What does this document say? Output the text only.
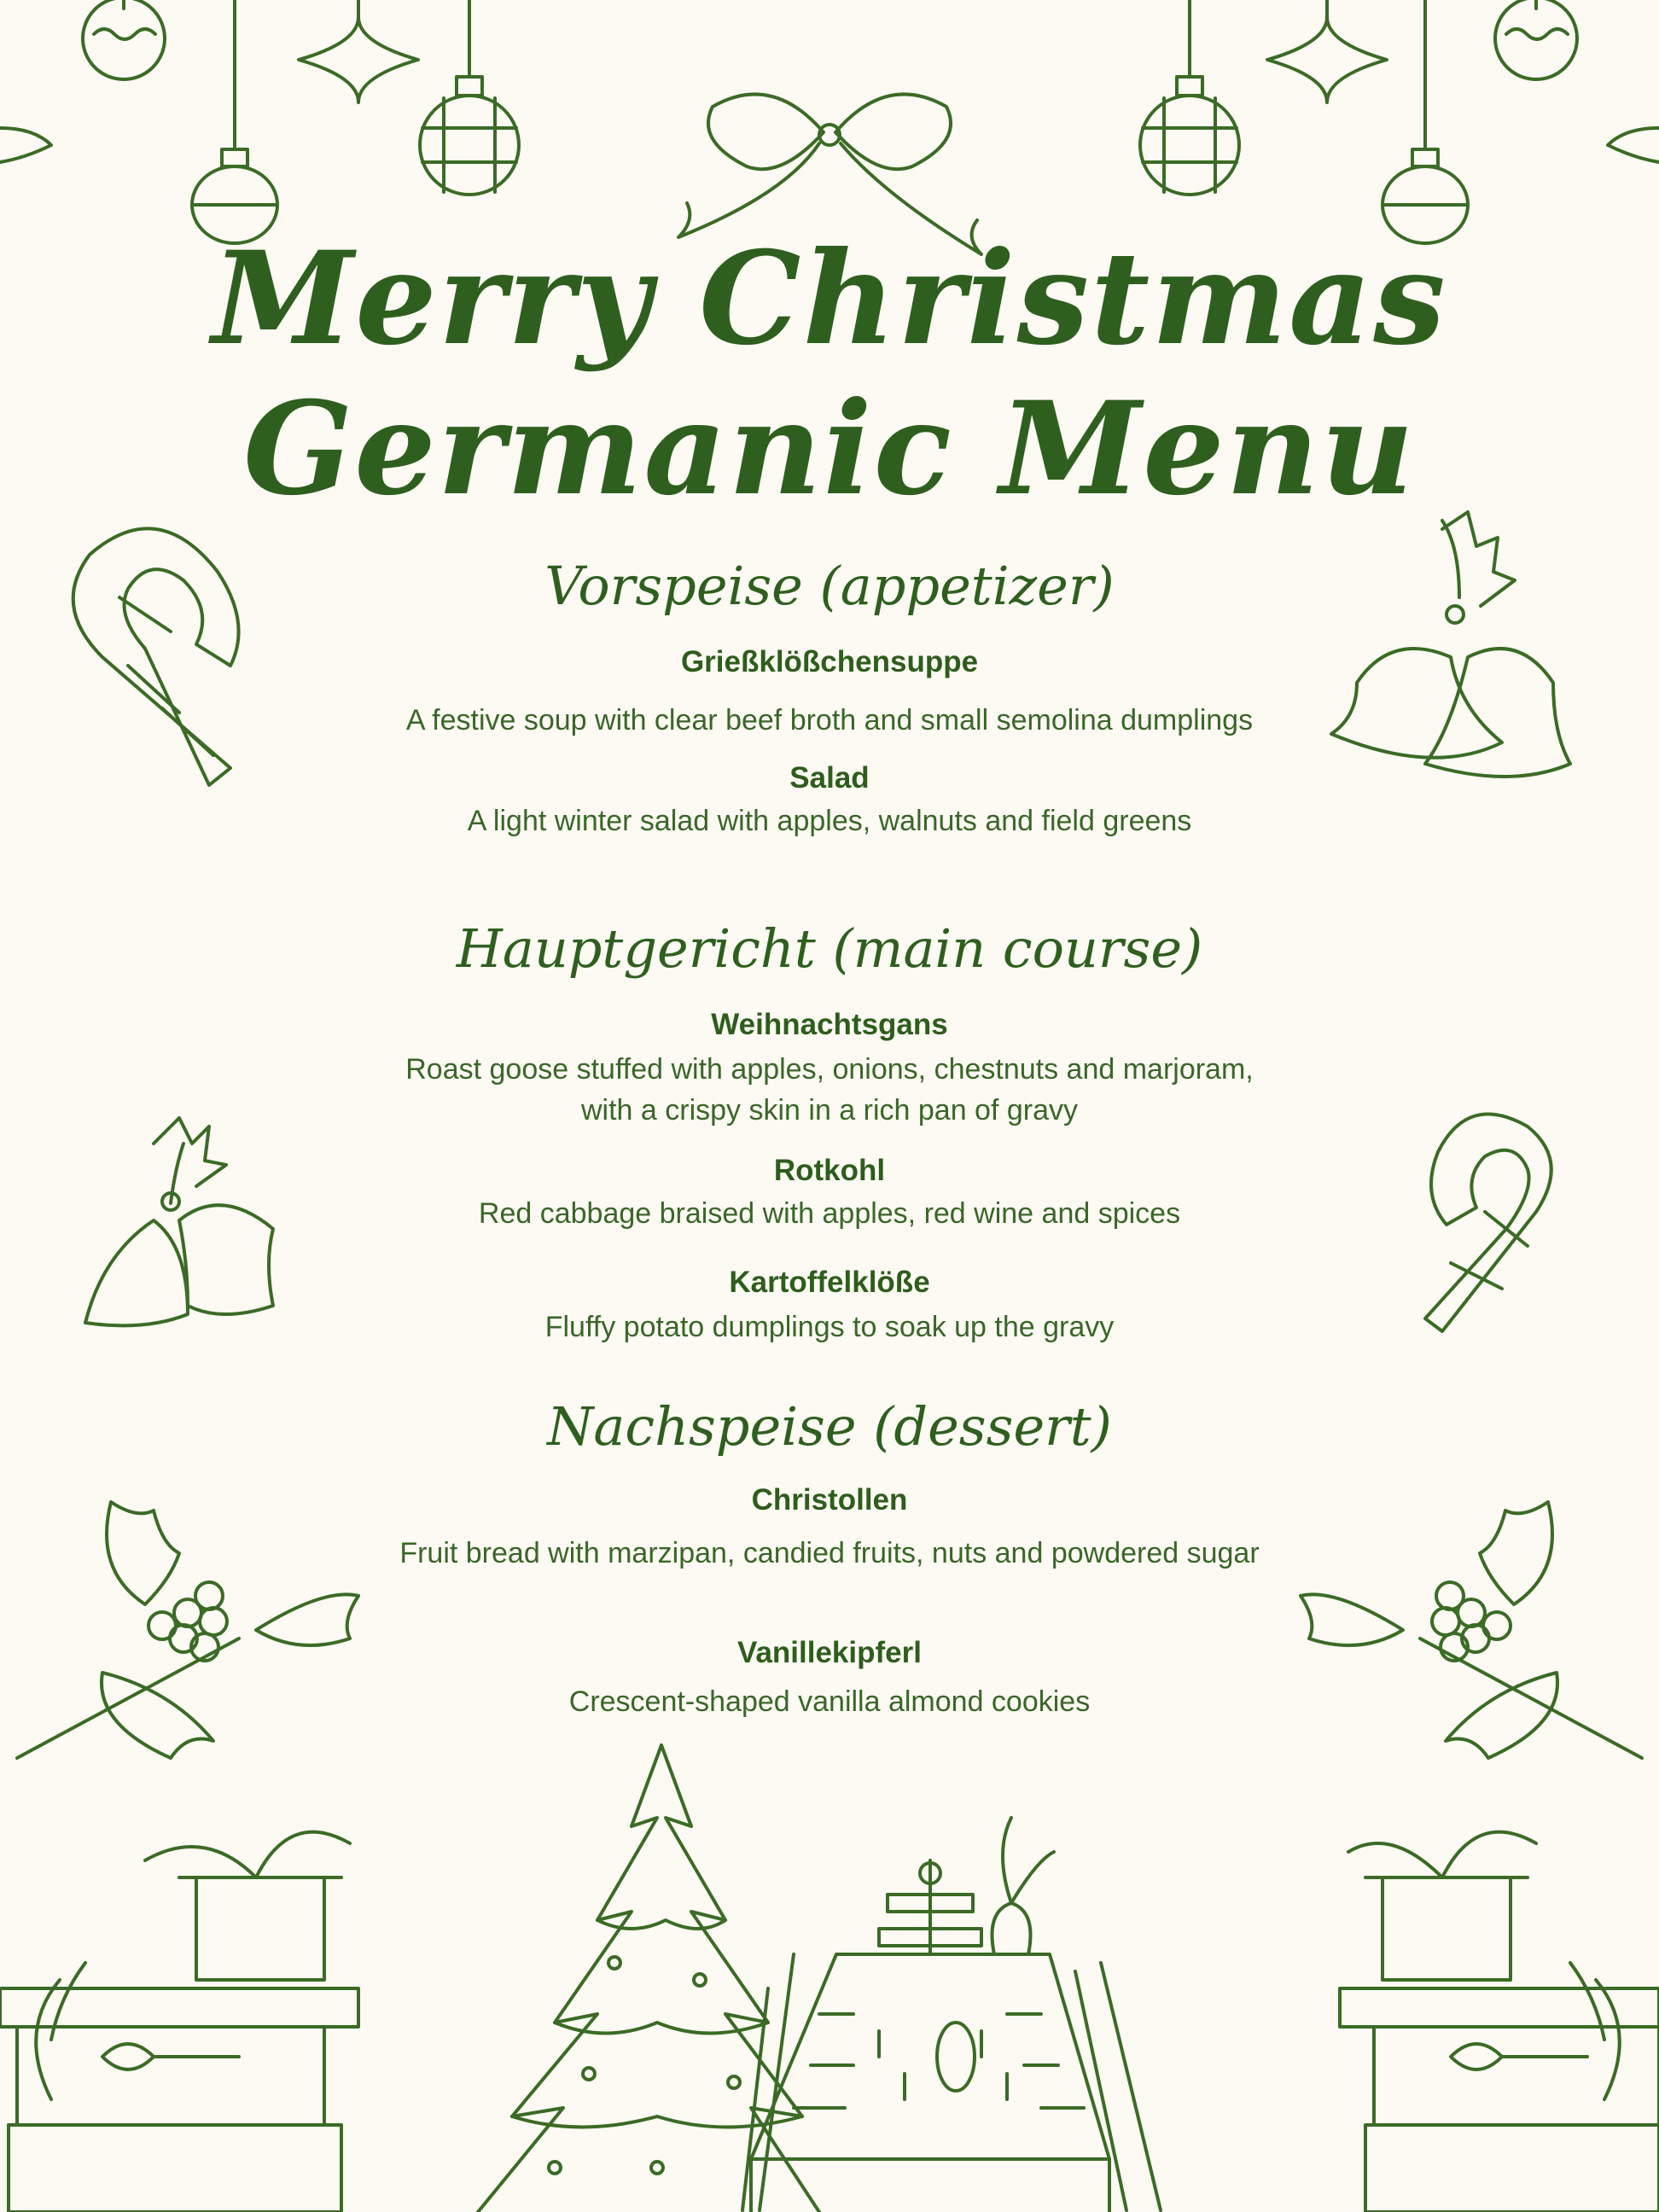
Merry Christmas
Germanic Menu
Vorspeise (appetizer)
Grießklößchensuppe
A festive soup with clear beef broth and small semolina dumplings
Salad
A light winter salad with apples, walnuts and field greens
Hauptgericht (main course)
Weihnachtsgans
Roast goose stuffed with apples, onions, chestnuts and marjoram,
with a crispy skin in a rich pan of gravy
Rotkohl
Red cabbage braised with apples, red wine and spices
Kartoffelklöße
Fluffy potato dumplings to soak up the gravy
Nachspeise (dessert)
Christollen
Fruit bread with marzipan, candied fruits, nuts and powdered sugar
Vanillekipferl
Crescent-shaped vanilla almond cookies
